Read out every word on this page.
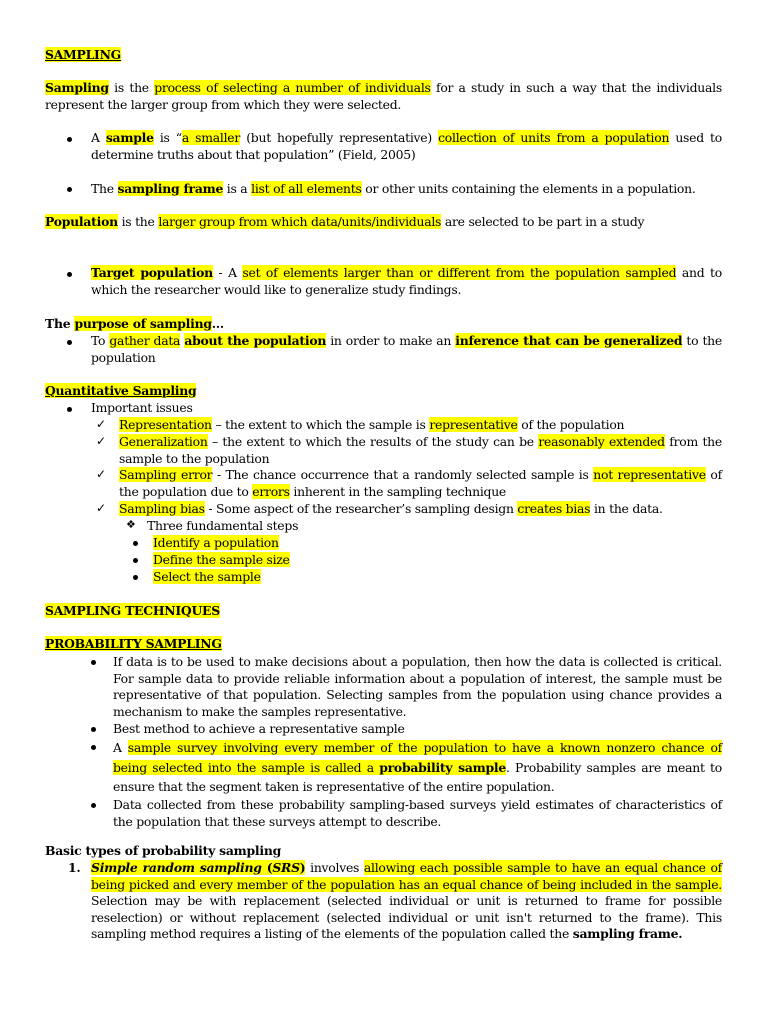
SAMPLING

Sampling is the process of selecting a number of individuals for a study in such a way that the individuals represent the larger group from which they were selected.

A sample is “a smaller (but hopefully representative) collection of units from a population used to determine truths about that population” (Field, 2005)

The sampling frame is a list of all elements or other units containing the elements in a population.

Population is the larger group from which data/units/individuals are selected to be part in a study

Target population - A set of elements larger than or different from the population sampled and to which the researcher would like to generalize study findings.

The purpose of sampling…

To gather data about the population in order to make an inference that can be generalized to the population

Quantitative Sampling
Important issues
✓ Representation – the extent to which the sample is representative of the population

✓ Generalization – the extent to which the results of the study can be reasonably extended from the sample to the population

✓ Sampling error - The chance occurrence that a randomly selected sample is not representative of the population due to errors inherent in the sampling technique

✓ Sampling bias - Some aspect of the researcher’s sampling design creates bias in the data.

❖ Three fundamental steps
Identify a population
Define the sample size
Select the sample
SAMPLING TECHNIQUES
PROBABILITY SAMPLING

If data is to be used to make decisions about a population, then how the data is collected is critical. For sample data to provide reliable information about a population of interest, the sample must be representative of that population. Selecting samples from the population using chance provides a mechanism to make the samples representative.

Best method to achieve a representative sample

A sample survey involving every member of the population to have a known nonzero chance of being selected into the sample is called a probability sample. Probability samples are meant to ensure that the segment taken is representative of the entire population.

Data collected from these probability sampling-based surveys yield estimates of characteristics of the population that these surveys attempt to describe.

Basic types of probability sampling
1. Simple random sampling (SRS) involves allowing each possible sample to have an equal chance of being picked and every member of the population has an equal chance of being included in the sample. Selection may be with replacement (selected individual or unit is returned to frame for possible reselection) or without replacement (selected individual or unit isn't returned to the frame). This sampling method requires a listing of the elements of the population called the sampling frame.
